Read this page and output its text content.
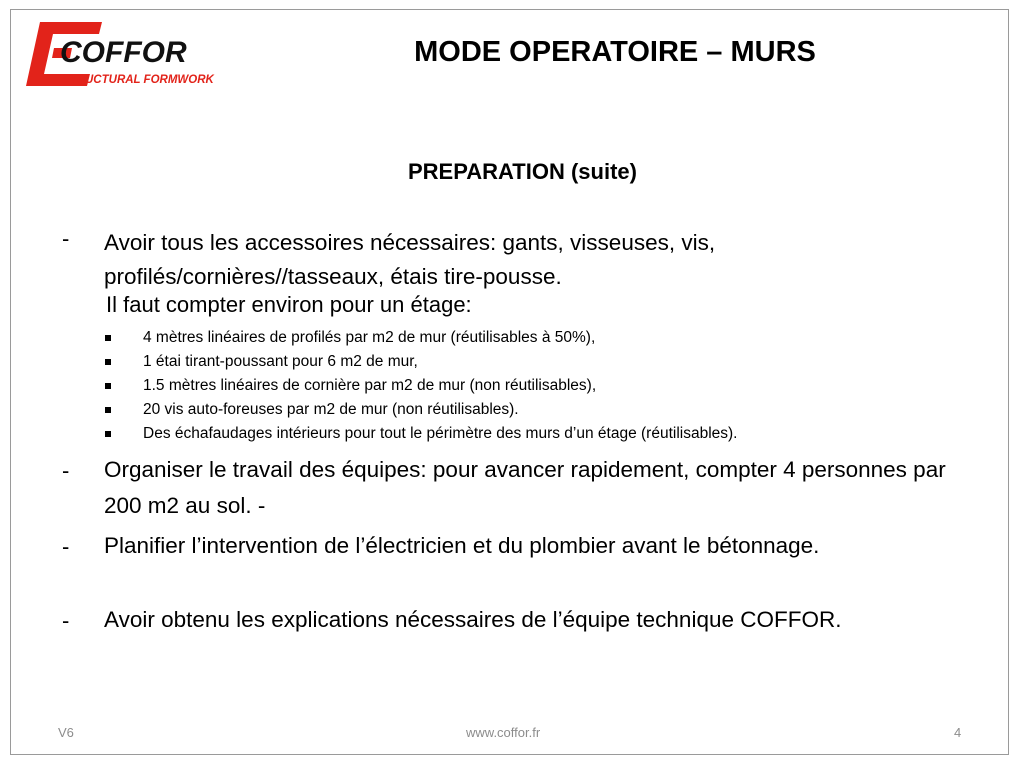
COFFOR
STRUCTURAL FORMWORK
MODE OPERATOIRE – MURS
PREPARATION (suite)
- Avoir tous les accessoires nécessaires: gants, visseuses, vis, profilés/cornières//tasseaux, étais tire-pousse.
Il faut compter environ pour un étage:
4 mètres linéaires de profilés par m2 de mur (réutilisables à 50%),
1 étai tirant-poussant pour 6 m2 de mur,
1.5 mètres linéaires de cornière par m2 de mur (non réutilisables),
20 vis auto-foreuses par m2 de mur (non réutilisables).
Des échafaudages intérieurs pour tout le périmètre des murs d’un étage (réutilisables).
- Organiser le travail des équipes: pour avancer rapidement, compter 4 personnes par 200 m2 au sol. -
- Planifier l’intervention de l’électricien et du plombier avant le bétonnage.
- Avoir obtenu les explications nécessaires de l’équipe technique COFFOR.
V6	www.coffor.fr	4
